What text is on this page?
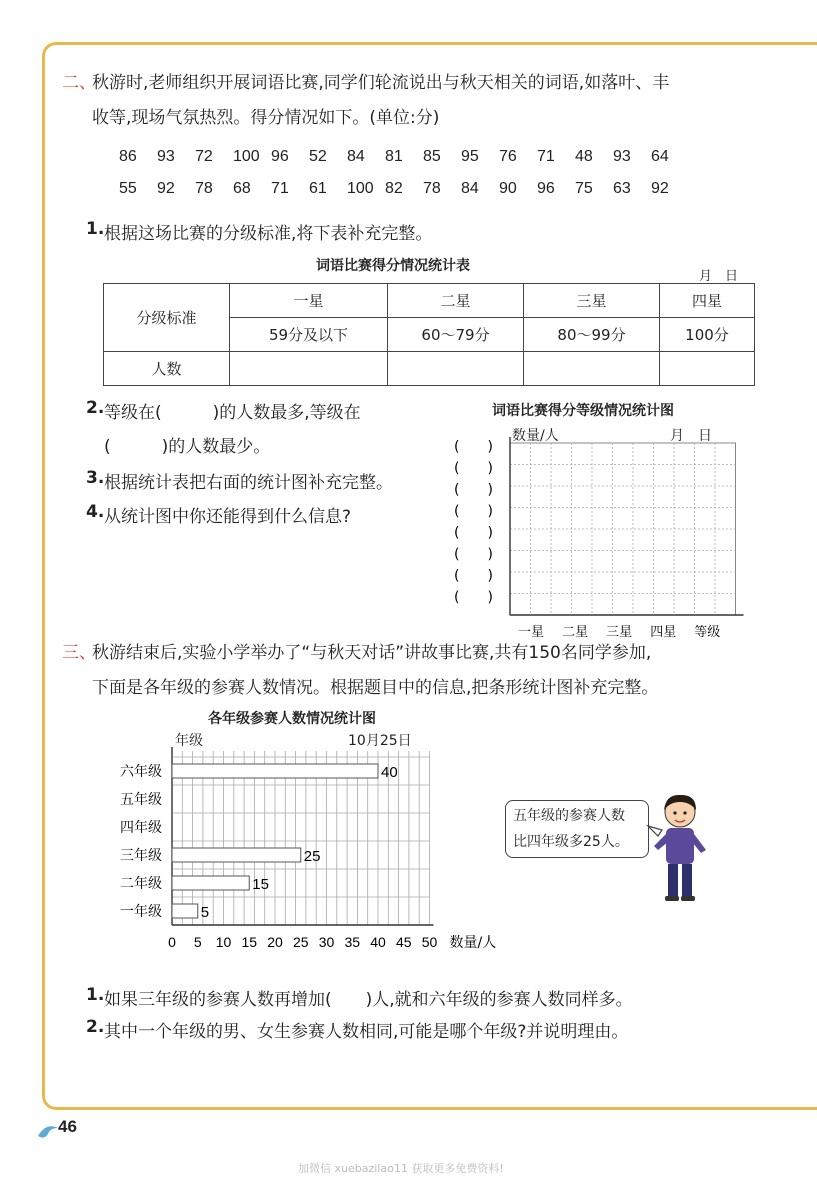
二、
秋游时,老师组织开展词语比赛,同学们轮流说出与秋天相关的词语,如落叶、丰
收等,现场气氛热烈。得分情况如下。(单位:分)
86 93 72 100 96 52 84 81 85 95 76 71 48 93 64
55 92 78 68 71 61 100 82 78 84 90 96 75 63 92
1. 根据这场比赛的分级标准,将下表补充完整。
词语比赛得分情况统计表
月　日
分级标准	一星	二星	三星	四星
	59分及以下	60～79分	80～99分	100分
人数				
2. 等级在(　　　)的人数最多,等级在
(　　　)的人数最少。
3. 根据统计表把右面的统计图补充完整。
4. 从统计图中你还能得到什么信息?
词语比赛得分等级情况统计图
数量/人	月　日
(　　)
(　　)
(　　)
(　　)
(　　)
(　　)
(　　)
(　　)
一星 二星 三星 四星 等级
三、
秋游结束后,实验小学举办了“与秋天对话”讲故事比赛,共有150名同学参加,
下面是各年级的参赛人数情况。根据题目中的信息,把条形统计图补充完整。
各年级参赛人数情况统计图
年级	10月25日
六年级
五年级
四年级
三年级
二年级
一年级
40
25
15
5
0 5 10 15 20 25 30 35 40 45 50 数量/人
五年级的参赛人数
比四年级多25人。
1. 如果三年级的参赛人数再增加(　　)人,就和六年级的参赛人数同样多。
2. 其中一个年级的男、女生参赛人数相同,可能是哪个年级?并说明理由。
46
加微信 xuebazilao11 获取更多免费资料!
